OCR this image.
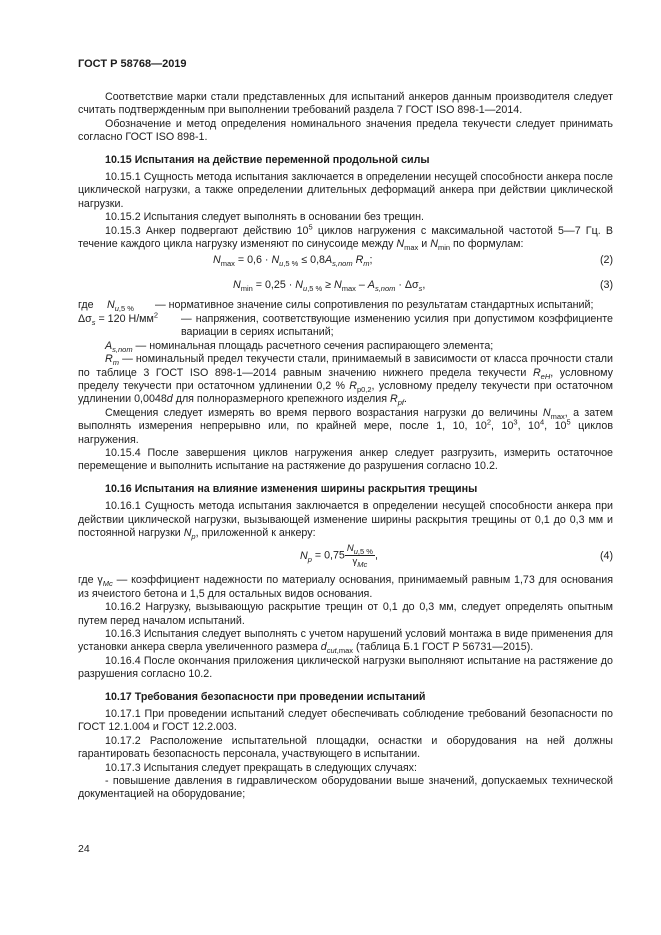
ГОСТ Р 58768—2019

Соответствие марки стали представленных для испытаний анкеров данным производителя следует считать подтвержденным при выполнении требований раздела 7 ГОСТ ISO 898-1—2014.

Обозначение и метод определения номинального значения предела текучести следует принимать согласно ГОСТ ISO 898-1.

10.15 Испытания на действие переменной продольной силы

10.15.1 Сущность метода испытания заключается в определении несущей способности анкера после циклической нагрузки, а также определении длительных деформаций анкера при действии циклической нагрузки.

10.15.2 Испытания следует выполнять в основании без трещин.

10.15.3 Анкер подвергают действию $10^5$ циклов нагружения с максимальной частотой 5—7 Гц. В течение каждого цикла нагрузку изменяют по синусоиде между $N_{max}$ и $N_{min}$ по формулам:

$N_{max} = 0,6 \cdot N_{u,5 \%} \le 0,8A_{s,nom}$ $R_m$;	(2)
$N_{min} = 0,25 \cdot N_{u,5 \%} \ge N_{max} - A_{s,nom} \cdot \Delta\sigma_s$,	(3)
где	$N_{u,5 \%}$	— нормативное значение силы сопротивления по результатам стандартных испытаний;
$\Delta\sigma_s = 120$ $Н/мм^2$	— напряжения, соответствующие изменению усилия при допустимом коэффициенте вариации в сериях испытаний;

$A_{s,nom}$ — номинальная площадь расчетного сечения распирающего элемента;

$R_m$ — номинальный предел текучести стали, принимаемый в зависимости от класса прочности стали по таблице 3 ГОСТ ISO 898-1—2014 равным значению нижнего предела текучести $R_{eH}$, условному пределу текучести при остаточном удлинении 0,2 % $R_{p0,2}$, условному пределу текучести при остаточном удлинении 0,0048d для полноразмерного крепежного изделия $R_{pf}$.

Смещения следует измерять во время первого возрастания нагрузки до величины $N_{max}$, а затем выполнять измерения непрерывно или, по крайней мере, после 1, 10, $10^2$, $10^3$, $10^4$, $10^5$ циклов нагружения.

10.15.4 После завершения циклов нагружения анкер следует разгрузить, измерить остаточное перемещение и выполнить испытание на растяжение до разрушения согласно 10.2.

10.16 Испытания на влияние изменения ширины раскрытия трещины

10.16.1 Сущность метода испытания заключается в определении несущей способности анкера при действии циклической нагрузки, вызывающей изменение ширины раскрытия трещины от 0,1 до 0,3 мм и постоянной нагрузки $N_p$, приложенной к анкеру:

$N_p = 0,75 \frac{N_{u,5 \%}}{\gamma_{Mc}}$ ,	(4)

где $\gamma_{Mc}$ — коэффициент надежности по материалу основания, принимаемый равным 1,73 для основания из ячеистого бетона и 1,5 для остальных видов основания.

10.16.2 Нагрузку, вызывающую раскрытие трещин от 0,1 до 0,3 мм, следует определять опытным путем перед началом испытаний.

10.16.3 Испытания следует выполнять с учетом нарушений условий монтажа в виде применения для установки анкера сверла увеличенного размера $d_{cut,max}$ (таблица Б.1 ГОСТ Р 56731—2015).

10.16.4 После окончания приложения циклической нагрузки выполняют испытание на растяжение до разрушения согласно 10.2.

10.17 Требования безопасности при проведении испытаний

10.17.1 При проведении испытаний следует обеспечивать соблюдение требований безопасности по ГОСТ 12.1.004 и ГОСТ 12.2.003.

10.17.2 Расположение испытательной площадки, оснастки и оборудования на ней должны гарантировать безопасность персонала, участвующего в испытании.

10.17.3 Испытания следует прекращать в следующих случаях:

- повышение давления в гидравлическом оборудовании выше значений, допускаемых технической документацией на оборудование;

24
